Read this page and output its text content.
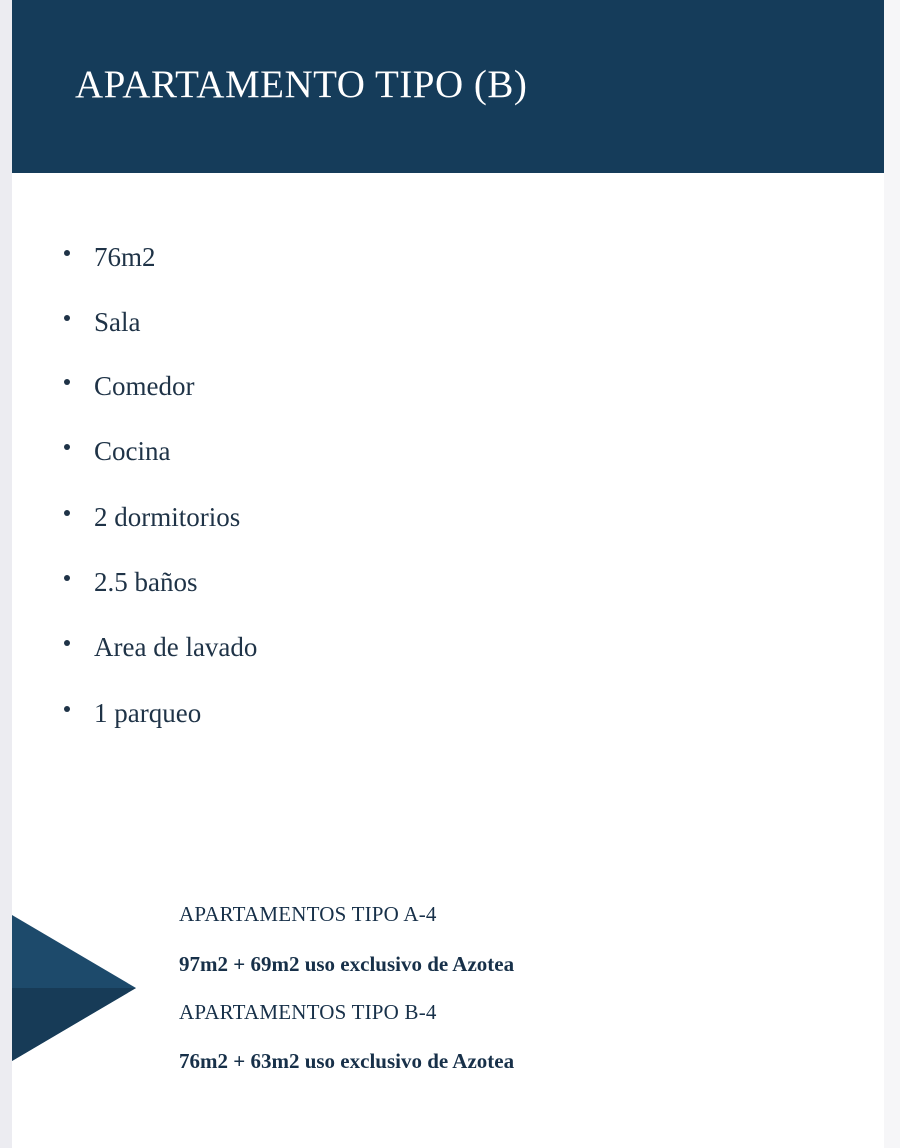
APARTAMENTO TIPO (B)
76m2
Sala
Comedor
Cocina
2 dormitorios
2.5 baños
Area de lavado
1 parqueo
APARTAMENTOS TIPO A-4
97m2 + 69m2 uso exclusivo de Azotea
APARTAMENTOS TIPO B-4
76m2 + 63m2 uso exclusivo de Azotea
